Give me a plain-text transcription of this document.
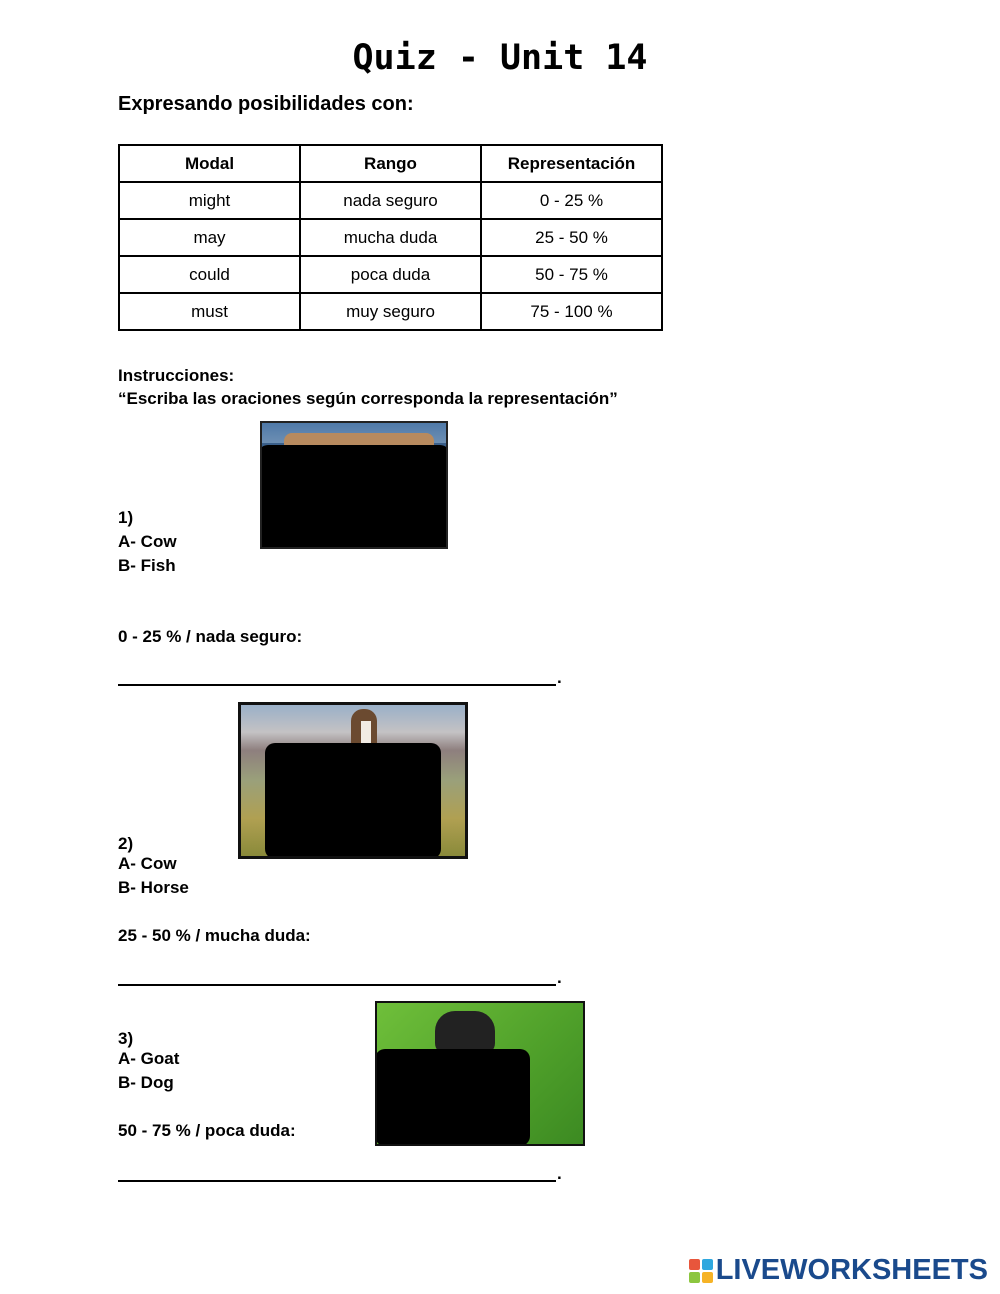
Quiz - Unit 14
Expresando posibilidades con:
Modal	Rango	Representación
might	nada seguro	0 - 25 %
may	mucha duda	25 - 50 %
could	poca duda	50 - 75 %
must	muy seguro	75 - 100 %
Instrucciones:
“Escriba las oraciones según corresponda la representación”
1)
A- Cow
B- Fish
0 - 25 % / nada seguro:
.
2)
A- Cow
B- Horse
25 - 50 % / mucha duda:
.
3)
A- Goat
B- Dog
50 - 75 % / poca duda:
.
LIVEWORKSHEETS
